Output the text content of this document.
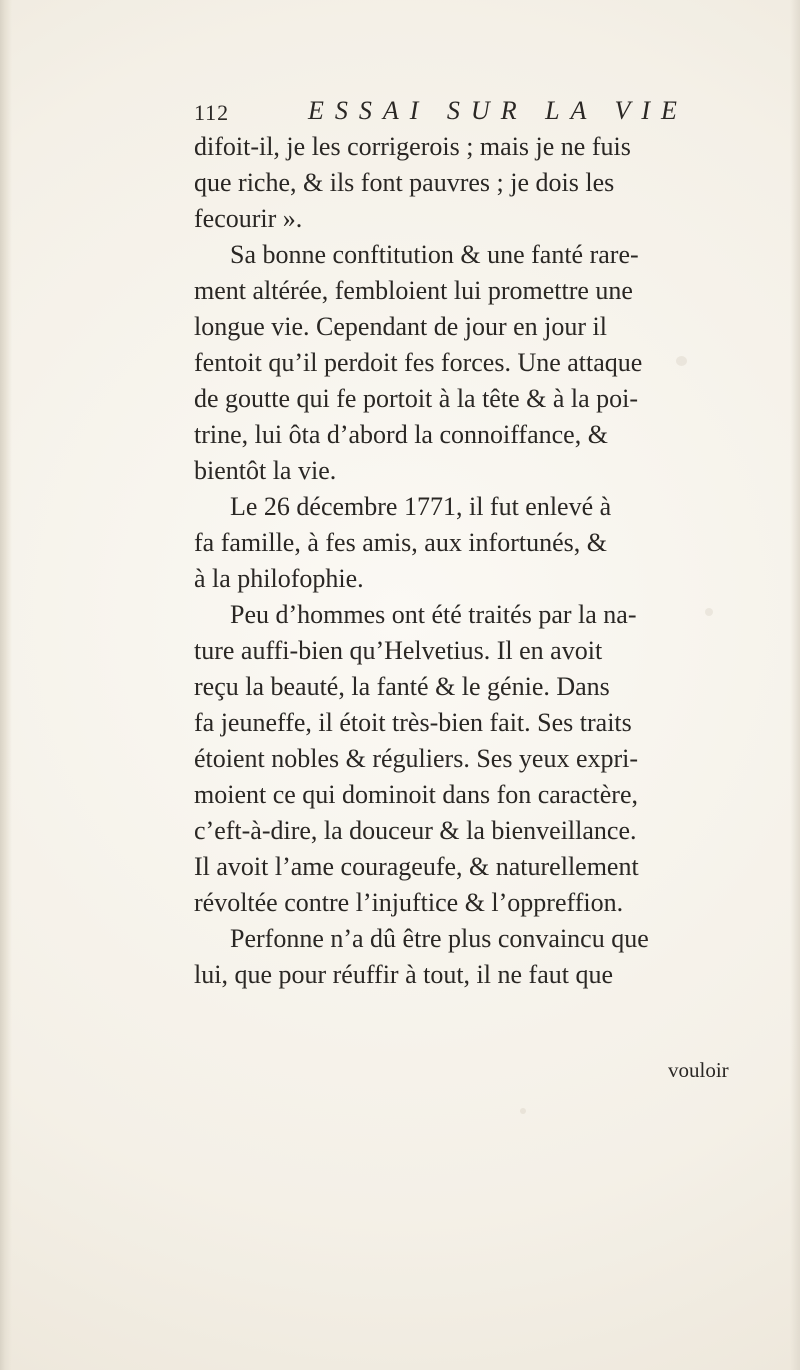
112	ESSAI SUR LA VIE
difoit-il, je les corrigerois ; mais je ne fuis
que riche, & ils font pauvres ; je dois les
fecourir ».
Sa bonne conftitution & une fanté rare-
ment altérée, fembloient lui promettre une
longue vie. Cependant de jour en jour il
fentoit qu’il perdoit fes forces. Une attaque
de goutte qui fe portoit à la tête & à la poi-
trine, lui ôta d’abord la connoiffance, &
bientôt la vie.
Le 26 décembre 1771, il fut enlevé à
fa famille, à fes amis, aux infortunés, &
à la philofophie.
Peu d’hommes ont été traités par la na-
ture auffi-bien qu’Helvetius. Il en avoit
reçu la beauté, la fanté & le génie. Dans
fa jeuneffe, il étoit très-bien fait. Ses traits
étoient nobles & réguliers. Ses yeux expri-
moient ce qui dominoit dans fon caractère,
c’eft-à-dire, la douceur & la bienveillance.
Il avoit l’ame courageufe, & naturellement
révoltée contre l’injuftice & l’oppreffion.
Perfonne n’a dû être plus convaincu que
lui, que pour réuffir à tout, il ne faut que
vouloir
